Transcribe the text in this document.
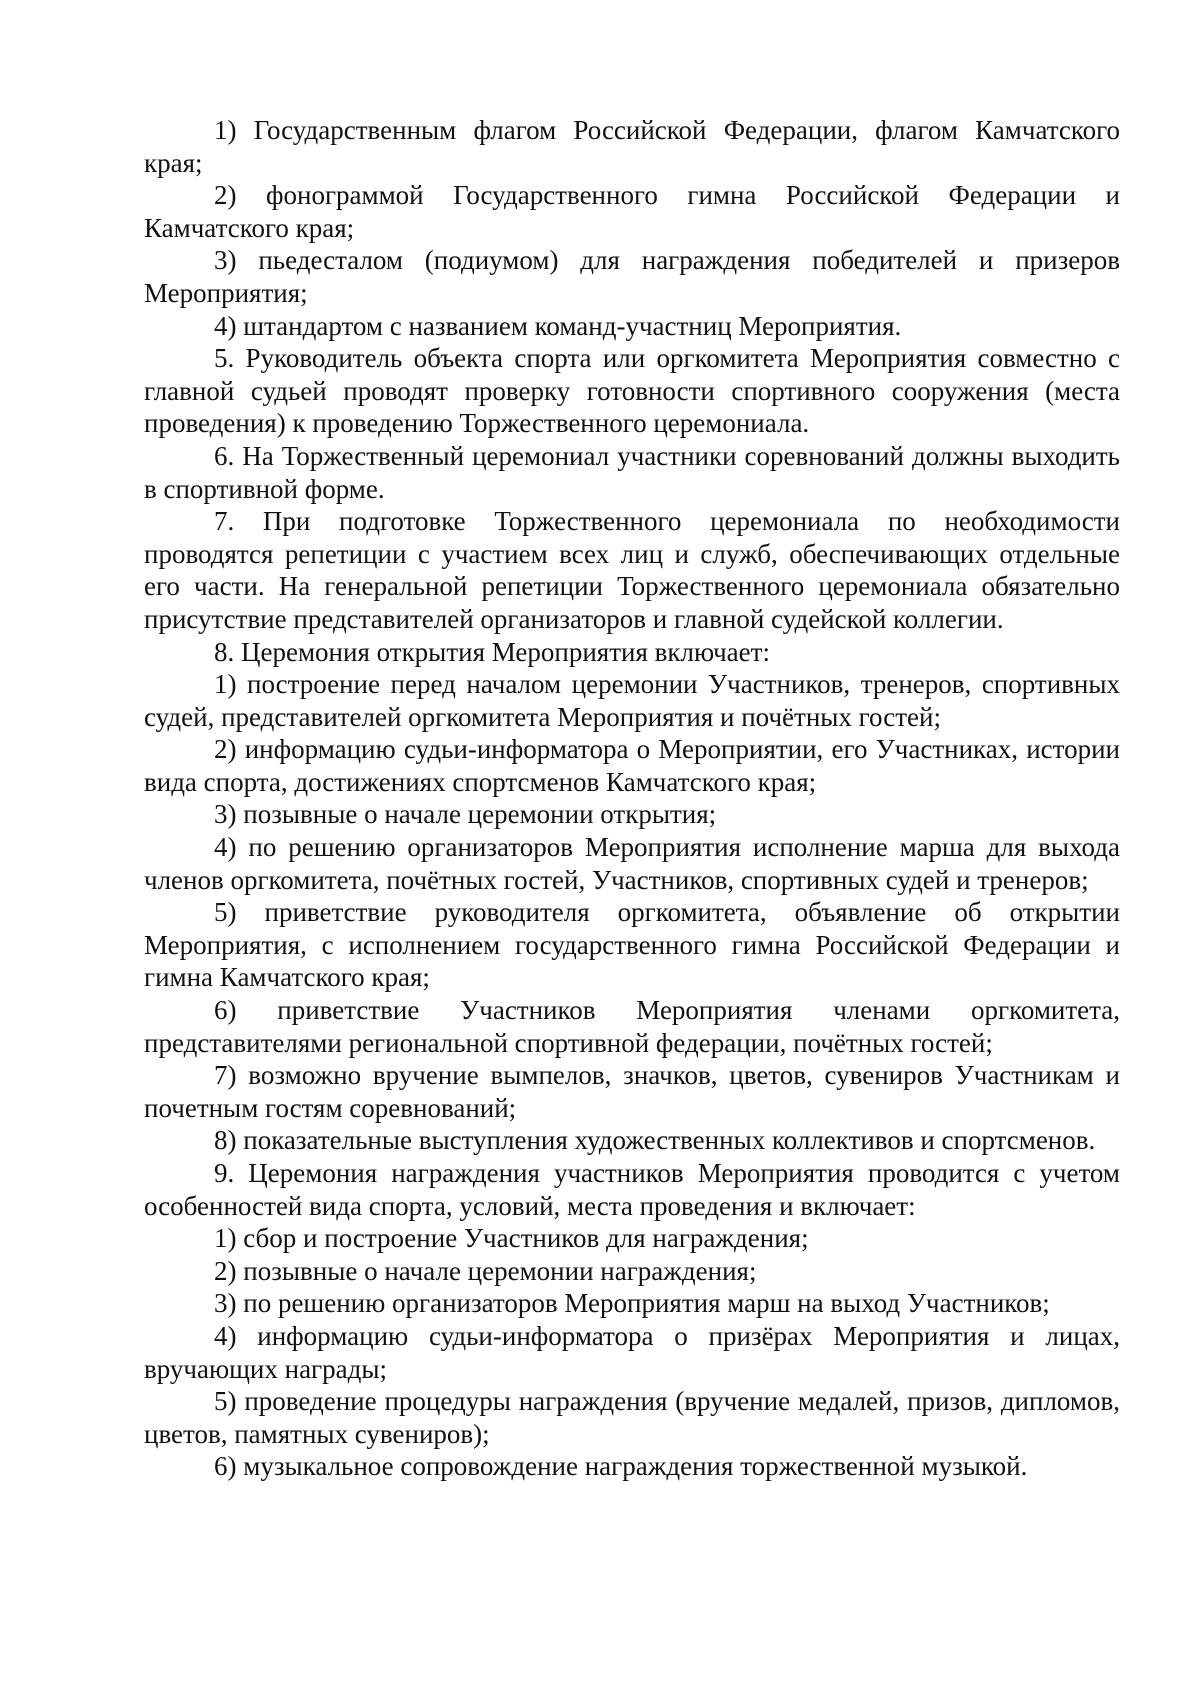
1) Государственным флагом Российской Федерации, флагом Камчатского края;

2) фонограммой Государственного гимна Российской Федерации и Камчатского края;

3) пьедесталом (подиумом) для награждения победителей и призеров Мероприятия;

4) штандартом с названием команд-участниц Мероприятия.

5. Руководитель объекта спорта или оргкомитета Мероприятия совместно с главной судьей проводят проверку готовности спортивного сооружения (места проведения) к проведению Торжественного церемониала.

6. На Торжественный церемониал участники соревнований должны выходить в спортивной форме.

7. При подготовке Торжественного церемониала по необходимости проводятся репетиции с участием всех лиц и служб, обеспечивающих отдельные его части. На генеральной репетиции Торжественного церемониала обязательно присутствие представителей организаторов и главной судейской коллегии.

8. Церемония открытия Мероприятия включает:

1) построение перед началом церемонии Участников, тренеров, спортивных судей, представителей оргкомитета Мероприятия и почётных гостей;

2) информацию судьи-информатора о Мероприятии, его Участниках, истории вида спорта, достижениях спортсменов Камчатского края;

3) позывные о начале церемонии открытия;

4) по решению организаторов Мероприятия исполнение марша для выхода членов оргкомитета, почётных гостей, Участников, спортивных судей и тренеров;

5) приветствие руководителя оргкомитета, объявление об открытии Мероприятия, с исполнением государственного гимна Российской Федерации и гимна Камчатского края;

6) приветствие Участников Мероприятия членами оргкомитета, представителями региональной спортивной федерации, почётных гостей;

7) возможно вручение вымпелов, значков, цветов, сувениров Участникам и почетным гостям соревнований;

8) показательные выступления художественных коллективов и спортсменов.

9. Церемония награждения участников Мероприятия проводится с учетом особенностей вида спорта, условий, места проведения и включает:

1) сбор и построение Участников для награждения;

2) позывные о начале церемонии награждения;

3) по решению организаторов Мероприятия марш на выход Участников;

4) информацию судьи-информатора о призёрах Мероприятия и лицах, вручающих награды;

5) проведение процедуры награждения (вручение медалей, призов, дипломов, цветов, памятных сувениров);

6) музыкальное сопровождение награждения торжественной музыкой.
